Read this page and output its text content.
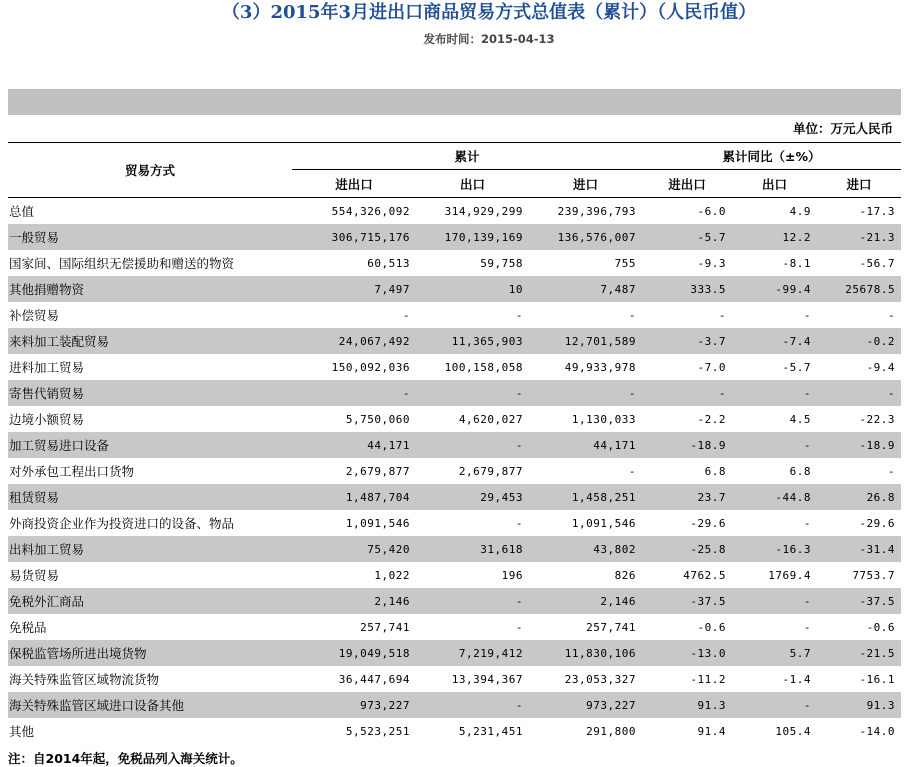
（3）2015年3月进出口商品贸易方式总值表（累计）（人民币值）
发布时间：2015-04-13
单位：万元人民币
贸易方式	累计			累计同比（±%）		
	进出口	出口	进口	进出口	出口	进口
总值	554,326,092	314,929,299	239,396,793	-6.0	4.9	-17.3
一般贸易	306,715,176	170,139,169	136,576,007	-5.7	12.2	-21.3
国家间、国际组织无偿援助和赠送的物资	60,513	59,758	755	-9.3	-8.1	-56.7
其他捐赠物资	7,497	10	7,487	333.5	-99.4	25678.5
补偿贸易	-	-	-	-	-	-
来料加工装配贸易	24,067,492	11,365,903	12,701,589	-3.7	-7.4	-0.2
进料加工贸易	150,092,036	100,158,058	49,933,978	-7.0	-5.7	-9.4
寄售代销贸易	-	-	-	-	-	-
边境小额贸易	5,750,060	4,620,027	1,130,033	-2.2	4.5	-22.3
加工贸易进口设备	44,171	-	44,171	-18.9	-	-18.9
对外承包工程出口货物	2,679,877	2,679,877	-	6.8	6.8	-
租赁贸易	1,487,704	29,453	1,458,251	23.7	-44.8	26.8
外商投资企业作为投资进口的设备、物品	1,091,546	-	1,091,546	-29.6	-	-29.6
出料加工贸易	75,420	31,618	43,802	-25.8	-16.3	-31.4
易货贸易	1,022	196	826	4762.5	1769.4	7753.7
免税外汇商品	2,146	-	2,146	-37.5	-	-37.5
免税品	257,741	-	257,741	-0.6	-	-0.6
保税监管场所进出境货物	19,049,518	7,219,412	11,830,106	-13.0	5.7	-21.5
海关特殊监管区域物流货物	36,447,694	13,394,367	23,053,327	-11.2	-1.4	-16.1
海关特殊监管区域进口设备其他	973,227	-	973,227	91.3	-	91.3
其他	5,523,251	5,231,451	291,800	91.4	105.4	-14.0
注：自2014年起，免税品列入海关统计。
